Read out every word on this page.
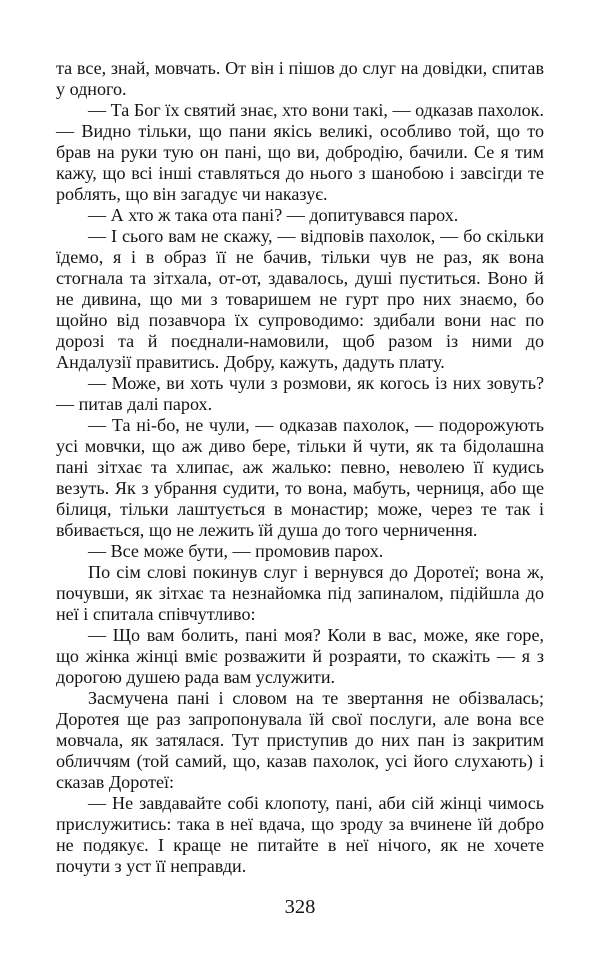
та все, знай, мовчать. От він і пішов до слуг на довідки, спитав у одного.

— Та Бог їх святий знає, хто вони такі, — одказав пахолок. — Видно тільки, що пани якісь великі, особливо той, що то брав на руки тую он пані, що ви, добродію, бачили. Се я тим кажу, що всі інші ставляться до нього з шанобою і завсігди те роблять, що він загадує чи наказує.

— А хто ж така ота пані? — допитувався парох.

— І сього вам не скажу, — відповів пахолок, — бо скільки їдемо, я і в образ її не бачив, тільки чув не раз, як вона стогнала та зітхала, от-от, здавалось, душі пуститься. Воно й не дивина, що ми з товаришем не гурт про них знаємо, бо щойно від позавчора їх супроводимо: здибали вони нас по дорозі та й поєднали-намовили, щоб разом із ними до Андалузії правитись. Добру, кажуть, дадуть плату.

— Може, ви хоть чули з розмови, як когось із них зовуть? — питав далі парох.

— Та ні-бо, не чули, — одказав пахолок, — подорожують усі мовчки, що аж диво бере, тільки й чути, як та бідолашна пані зітхає та хлипає, аж жалько: певно, неволею її кудись везуть. Як з убрання судити, то вона, мабуть, черниця, або ще білиця, тільки лаштується в монастир; може, через те так і вбивається, що не лежить їй душа до того черничення.

— Все може бути, — промовив парох.

По сім слові покинув слуг і вернувся до Доротеї; вона ж, почувши, як зітхає та незнайомка під запиналом, підійшла до неї і спитала співчутливо:

— Що вам болить, пані моя? Коли в вас, може, яке горе, що жінка жінці вміє розважити й розраяти, то скажіть — я з дорогою душею рада вам услужити.

Засмучена пані і словом на те звертання не обізвалась; Доротея ще раз запропонувала їй свої послуги, але вона все мовчала, як затялася. Тут приступив до них пан із закритим обличчям (той самий, що, казав пахолок, усі його слухають) і сказав Доротеї:

— Не завдавайте собі клопоту, пані, аби сій жінці чимось прислужитись: така в неї вдача, що зроду за вчинене їй добро не подякує. І краще не питайте в неї нічого, як не хочете почути з уст її неправди.

328
